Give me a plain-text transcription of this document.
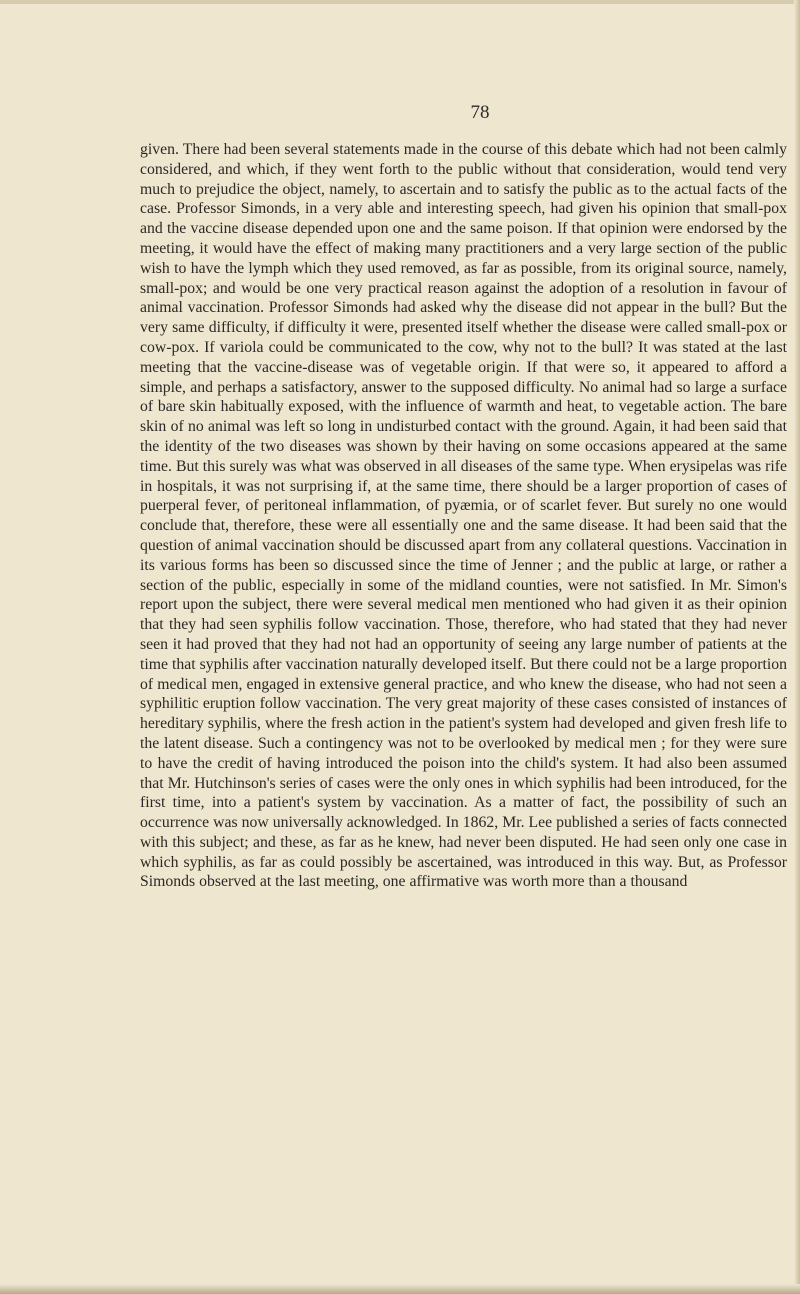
78

given. There had been several statements made in the course of this debate which had not been calmly considered, and which, if they went forth to the public without that consideration, would tend very much to prejudice the object, namely, to ascertain and to satisfy the public as to the actual facts of the case. Professor Simonds, in a very able and interesting speech, had given his opinion that small-pox and the vaccine disease depended upon one and the same poison. If that opinion were endorsed by the meeting, it would have the effect of making many practitioners and a very large section of the public wish to have the lymph which they used removed, as far as possible, from its original source, namely, small-pox; and would be one very practical reason against the adoption of a resolution in favour of animal vaccination. Professor Simonds had asked why the disease did not appear in the bull? But the very same difficulty, if difficulty it were, presented itself whether the disease were called small-pox or cow-pox. If variola could be communicated to the cow, why not to the bull? It was stated at the last meeting that the vaccine-disease was of vegetable origin. If that were so, it appeared to afford a simple, and perhaps a satisfactory, answer to the supposed difficulty. No animal had so large a surface of bare skin habitually exposed, with the influence of warmth and heat, to vegetable action. The bare skin of no animal was left so long in undisturbed contact with the ground. Again, it had been said that the identity of the two diseases was shown by their having on some occasions appeared at the same time. But this surely was what was observed in all diseases of the same type. When erysipelas was rife in hospitals, it was not surprising if, at the same time, there should be a larger proportion of cases of puerperal fever, of peritoneal inflammation, of pyæmia, or of scarlet fever. But surely no one would conclude that, therefore, these were all essentially one and the same disease. It had been said that the question of animal vaccination should be discussed apart from any collateral questions. Vaccination in its various forms has been so discussed since the time of Jenner ; and the public at large, or rather a section of the public, especially in some of the midland counties, were not satisfied. In Mr. Simon's report upon the subject, there were several medical men mentioned who had given it as their opinion that they had seen syphilis follow vaccination. Those, therefore, who had stated that they had never seen it had proved that they had not had an opportunity of seeing any large number of patients at the time that syphilis after vaccination naturally developed itself. But there could not be a large proportion of medical men, engaged in extensive general practice, and who knew the disease, who had not seen a syphilitic eruption follow vaccination. The very great majority of these cases consisted of instances of hereditary syphilis, where the fresh action in the patient's system had developed and given fresh life to the latent disease. Such a contingency was not to be overlooked by medical men ; for they were sure to have the credit of having introduced the poison into the child's system. It had also been assumed that Mr. Hutchinson's series of cases were the only ones in which syphilis had been introduced, for the first time, into a patient's system by vaccination. As a matter of fact, the possibility of such an occurrence was now universally acknowledged. In 1862, Mr. Lee published a series of facts connected with this subject; and these, as far as he knew, had never been disputed. He had seen only one case in which syphilis, as far as could possibly be ascertained, was introduced in this way. But, as Professor Simonds observed at the last meeting, one affirmative was worth more than a thousand
